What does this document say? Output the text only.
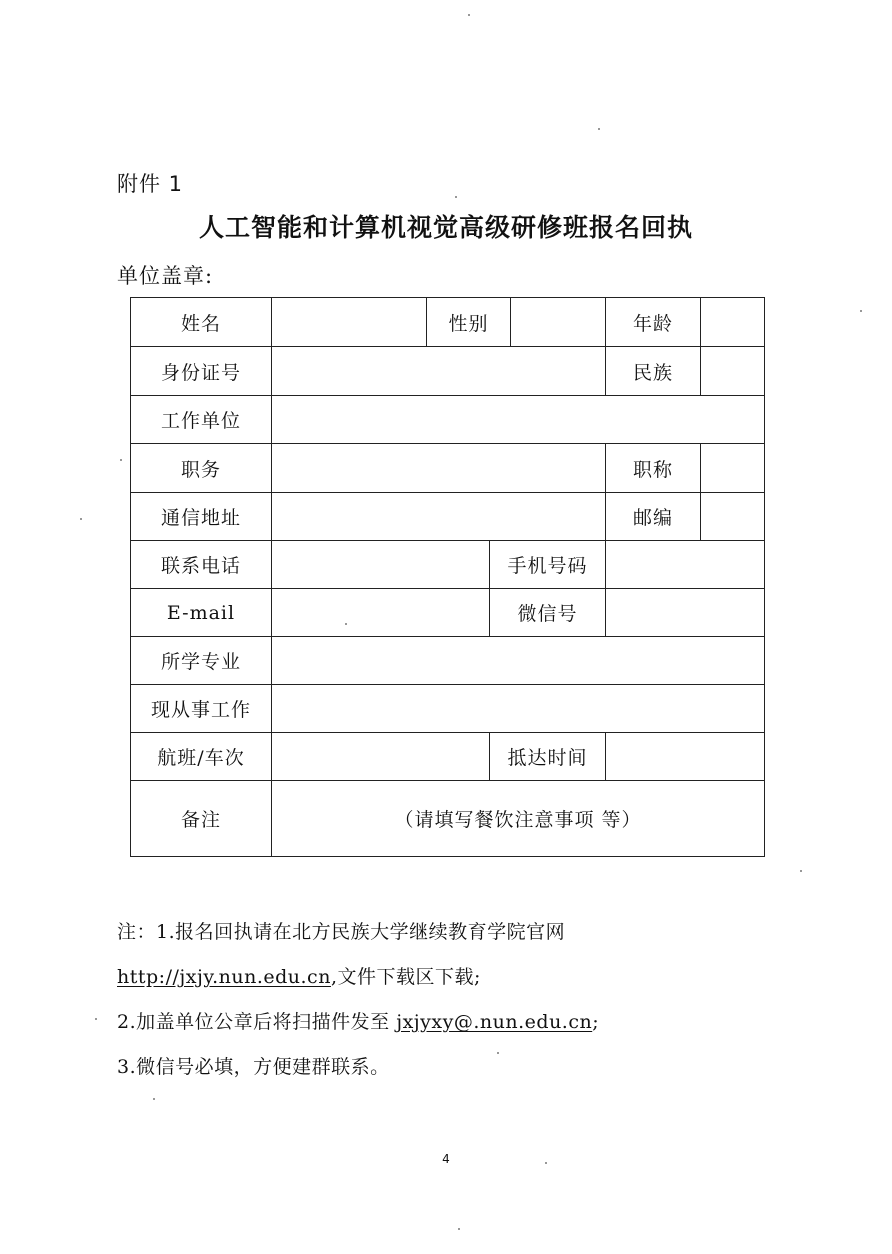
附件 1
人工智能和计算机视觉高级研修班报名回执
单位盖章:
姓名		性别			年龄	
身份证号					民族	
工作单位						
职务					职称	
通信地址					邮编	
联系电话			手机号码			
E-mail			微信号			
所学专业						
现从事工作						
航班/车次			抵达时间			
备注	（请填写餐饮注意事项 等）					
注：1.报名回执请在北方民族大学继续教育学院官网
http://jxjy.nun.edu.cn,文件下载区下载;
2.加盖单位公章后将扫描件发至 jxjyxy@.nun.edu.cn;
3.微信号必填，方便建群联系。
4
